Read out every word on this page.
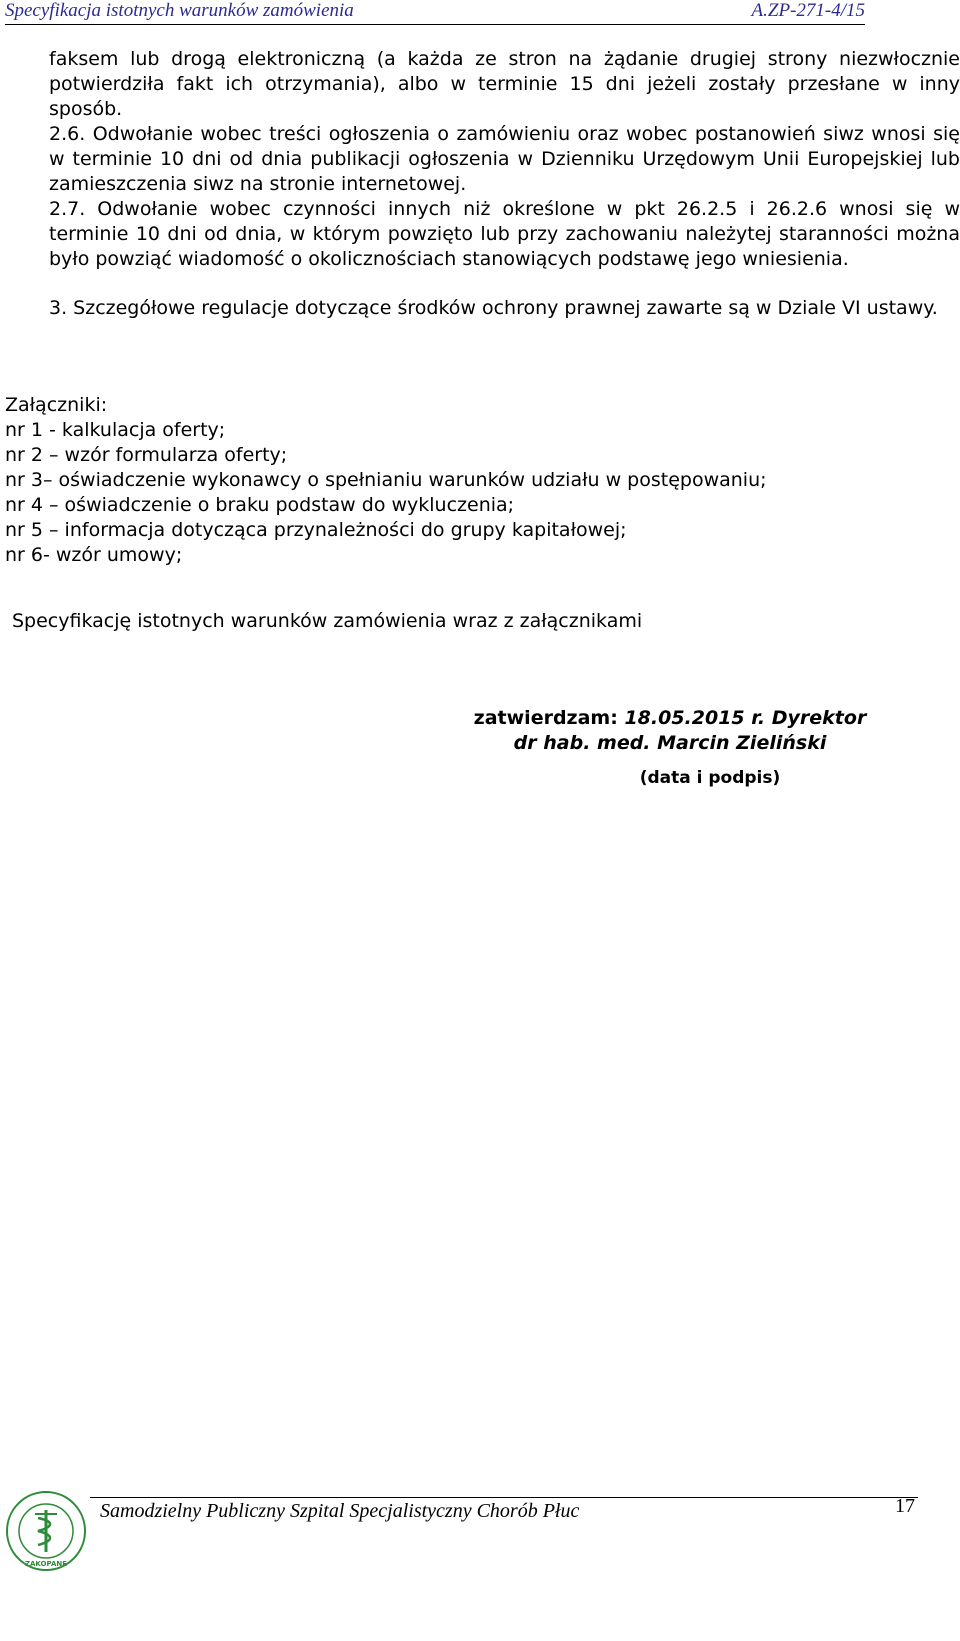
Specyfikacja istotnych warunków zamówienia	A.ZP-271-4/15
faksem lub drogą elektroniczną (a każda ze stron na żądanie drugiej strony niezwłocznie potwierdziła fakt ich otrzymania), albo w terminie 15 dni jeżeli zostały przesłane w inny sposób.
2.6. Odwołanie wobec treści ogłoszenia o zamówieniu oraz wobec postanowień siwz wnosi się w terminie 10 dni od dnia publikacji ogłoszenia w Dzienniku Urzędowym Unii Europejskiej lub zamieszczenia siwz na stronie internetowej.
2.7. Odwołanie wobec czynności innych niż określone w pkt 26.2.5 i 26.2.6 wnosi się w terminie 10 dni od dnia, w którym powzięto lub przy zachowaniu należytej staranności można było powziąć wiadomość o okolicznościach stanowiących podstawę jego wniesienia.
3. Szczegółowe regulacje dotyczące środków ochrony prawnej zawarte są w Dziale VI ustawy.
Załączniki:
nr 1 - kalkulacja oferty;
nr 2 – wzór formularza oferty;
nr 3– oświadczenie wykonawcy o spełnianiu warunków udziału w postępowaniu;
nr 4 – oświadczenie o braku podstaw do wykluczenia;
nr 5 – informacja dotycząca przynależności do grupy kapitałowej;
nr 6- wzór umowy;
Specyfikację istotnych warunków zamówienia wraz z załącznikami
zatwierdzam: 18.05.2015 r. Dyrektor
dr hab. med. Marcin Zieliński
(data i podpis)
ZAKOPANE
Samodzielny Publiczny Szpital Specjalistyczny Chorób Płuc	17
